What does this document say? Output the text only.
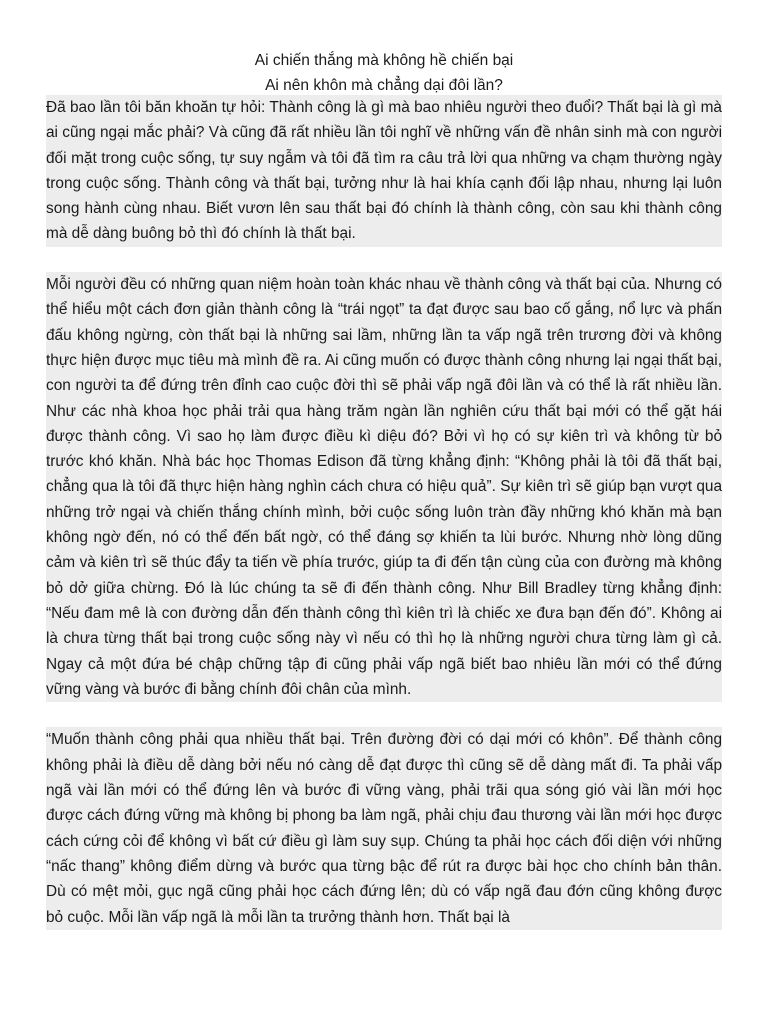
Ai chiến thắng mà không hề chiến bại
Ai nên khôn mà chẳng dại đôi lần?

Đã bao lần tôi băn khoăn tự hỏi: Thành công là gì mà bao nhiêu người theo đuổi? Thất bại là gì mà ai cũng ngại mắc phải? Và cũng đã rất nhiều lần tôi nghĩ về những vấn đề nhân sinh mà con người đối mặt trong cuộc sống, tự suy ngẫm và tôi đã tìm ra câu trả lời qua những va chạm thường ngày trong cuộc sống. Thành công và thất bại, tưởng như là hai khía cạnh đối lập nhau, nhưng lại luôn song hành cùng nhau. Biết vươn lên sau thất bại đó chính là thành công, còn sau khi thành công mà dễ dàng buông bỏ thì đó chính là thất bại.

Mỗi người đều có những quan niệm hoàn toàn khác nhau về thành công và thất bại của. Nhưng có thể hiểu một cách đơn giản thành công là “trái ngọt” ta đạt được sau bao cố gắng, nổ lực và phấn đấu không ngừng, còn thất bại là những sai lầm, những lần ta vấp ngã trên trương đời và không thực hiện được mục tiêu mà mình đề ra. Ai cũng muốn có được thành công nhưng lại ngại thất bại, con người ta để đứng trên đỉnh cao cuộc đời thì sẽ phải vấp ngã đôi lần và có thể là rất nhiều lần. Như các nhà khoa học phải trải qua hàng trăm ngàn lần nghiên cứu thất bại mới có thể gặt hái được thành công. Vì sao họ làm được điều kì diệu đó? Bởi vì họ có sự kiên trì và không từ bỏ trước khó khăn. Nhà bác học Thomas Edison đã từng khẳng định: “Không phải là tôi đã thất bại, chẳng qua là tôi đã thực hiện hàng nghìn cách chưa có hiệu quả”. Sự kiên trì sẽ giúp bạn vượt qua những trở ngại và chiến thắng chính mình, bởi cuộc sống luôn tràn đầy những khó khăn mà bạn không ngờ đến, nó có thể đến bất ngờ, có thể đáng sợ khiến ta lùi bước. Nhưng nhờ lòng dũng cảm và kiên trì sẽ thúc đẩy ta tiến về phía trước, giúp ta đi đến tận cùng của con đường mà không bỏ dở giữa chừng. Đó là lúc chúng ta sẽ đi đến thành công. Như Bill Bradley từng khẳng định: “Nếu đam mê là con đường dẫn đến thành công thì kiên trì là chiếc xe đưa bạn đến đó”. Không ai là chưa từng thất bại trong cuộc sống này vì nếu có thì họ là những người chưa từng làm gì cả. Ngay cả một đứa bé chập chững tập đi cũng phải vấp ngã biết bao nhiêu lần mới có thể đứng vững vàng và bước đi bằng chính đôi chân của mình.

“Muốn thành công phải qua nhiều thất bại. Trên đường đời có dại mới có khôn”. Để thành công không phải là điều dễ dàng bởi nếu nó càng dễ đạt được thì cũng sẽ dễ dàng mất đi. Ta phải vấp ngã vài lần mới có thể đứng lên và bước đi vững vàng, phải trãi qua sóng gió vài lần mới học được cách đứng vững mà không bị phong ba làm ngã, phải chịu đau thương vài lần mới học được cách cứng cỏi để không vì bất cứ điều gì làm suy sụp. Chúng ta phải học cách đối diện với những “nấc thang” không điểm dừng và bước qua từng bậc để rút ra được bài học cho chính bản thân. Dù có mệt mỏi, gục ngã cũng phải học cách đứng lên; dù có vấp ngã đau đớn cũng không được bỏ cuộc. Mỗi lần vấp ngã là mỗi lần ta trưởng thành hơn. Thất bại là
